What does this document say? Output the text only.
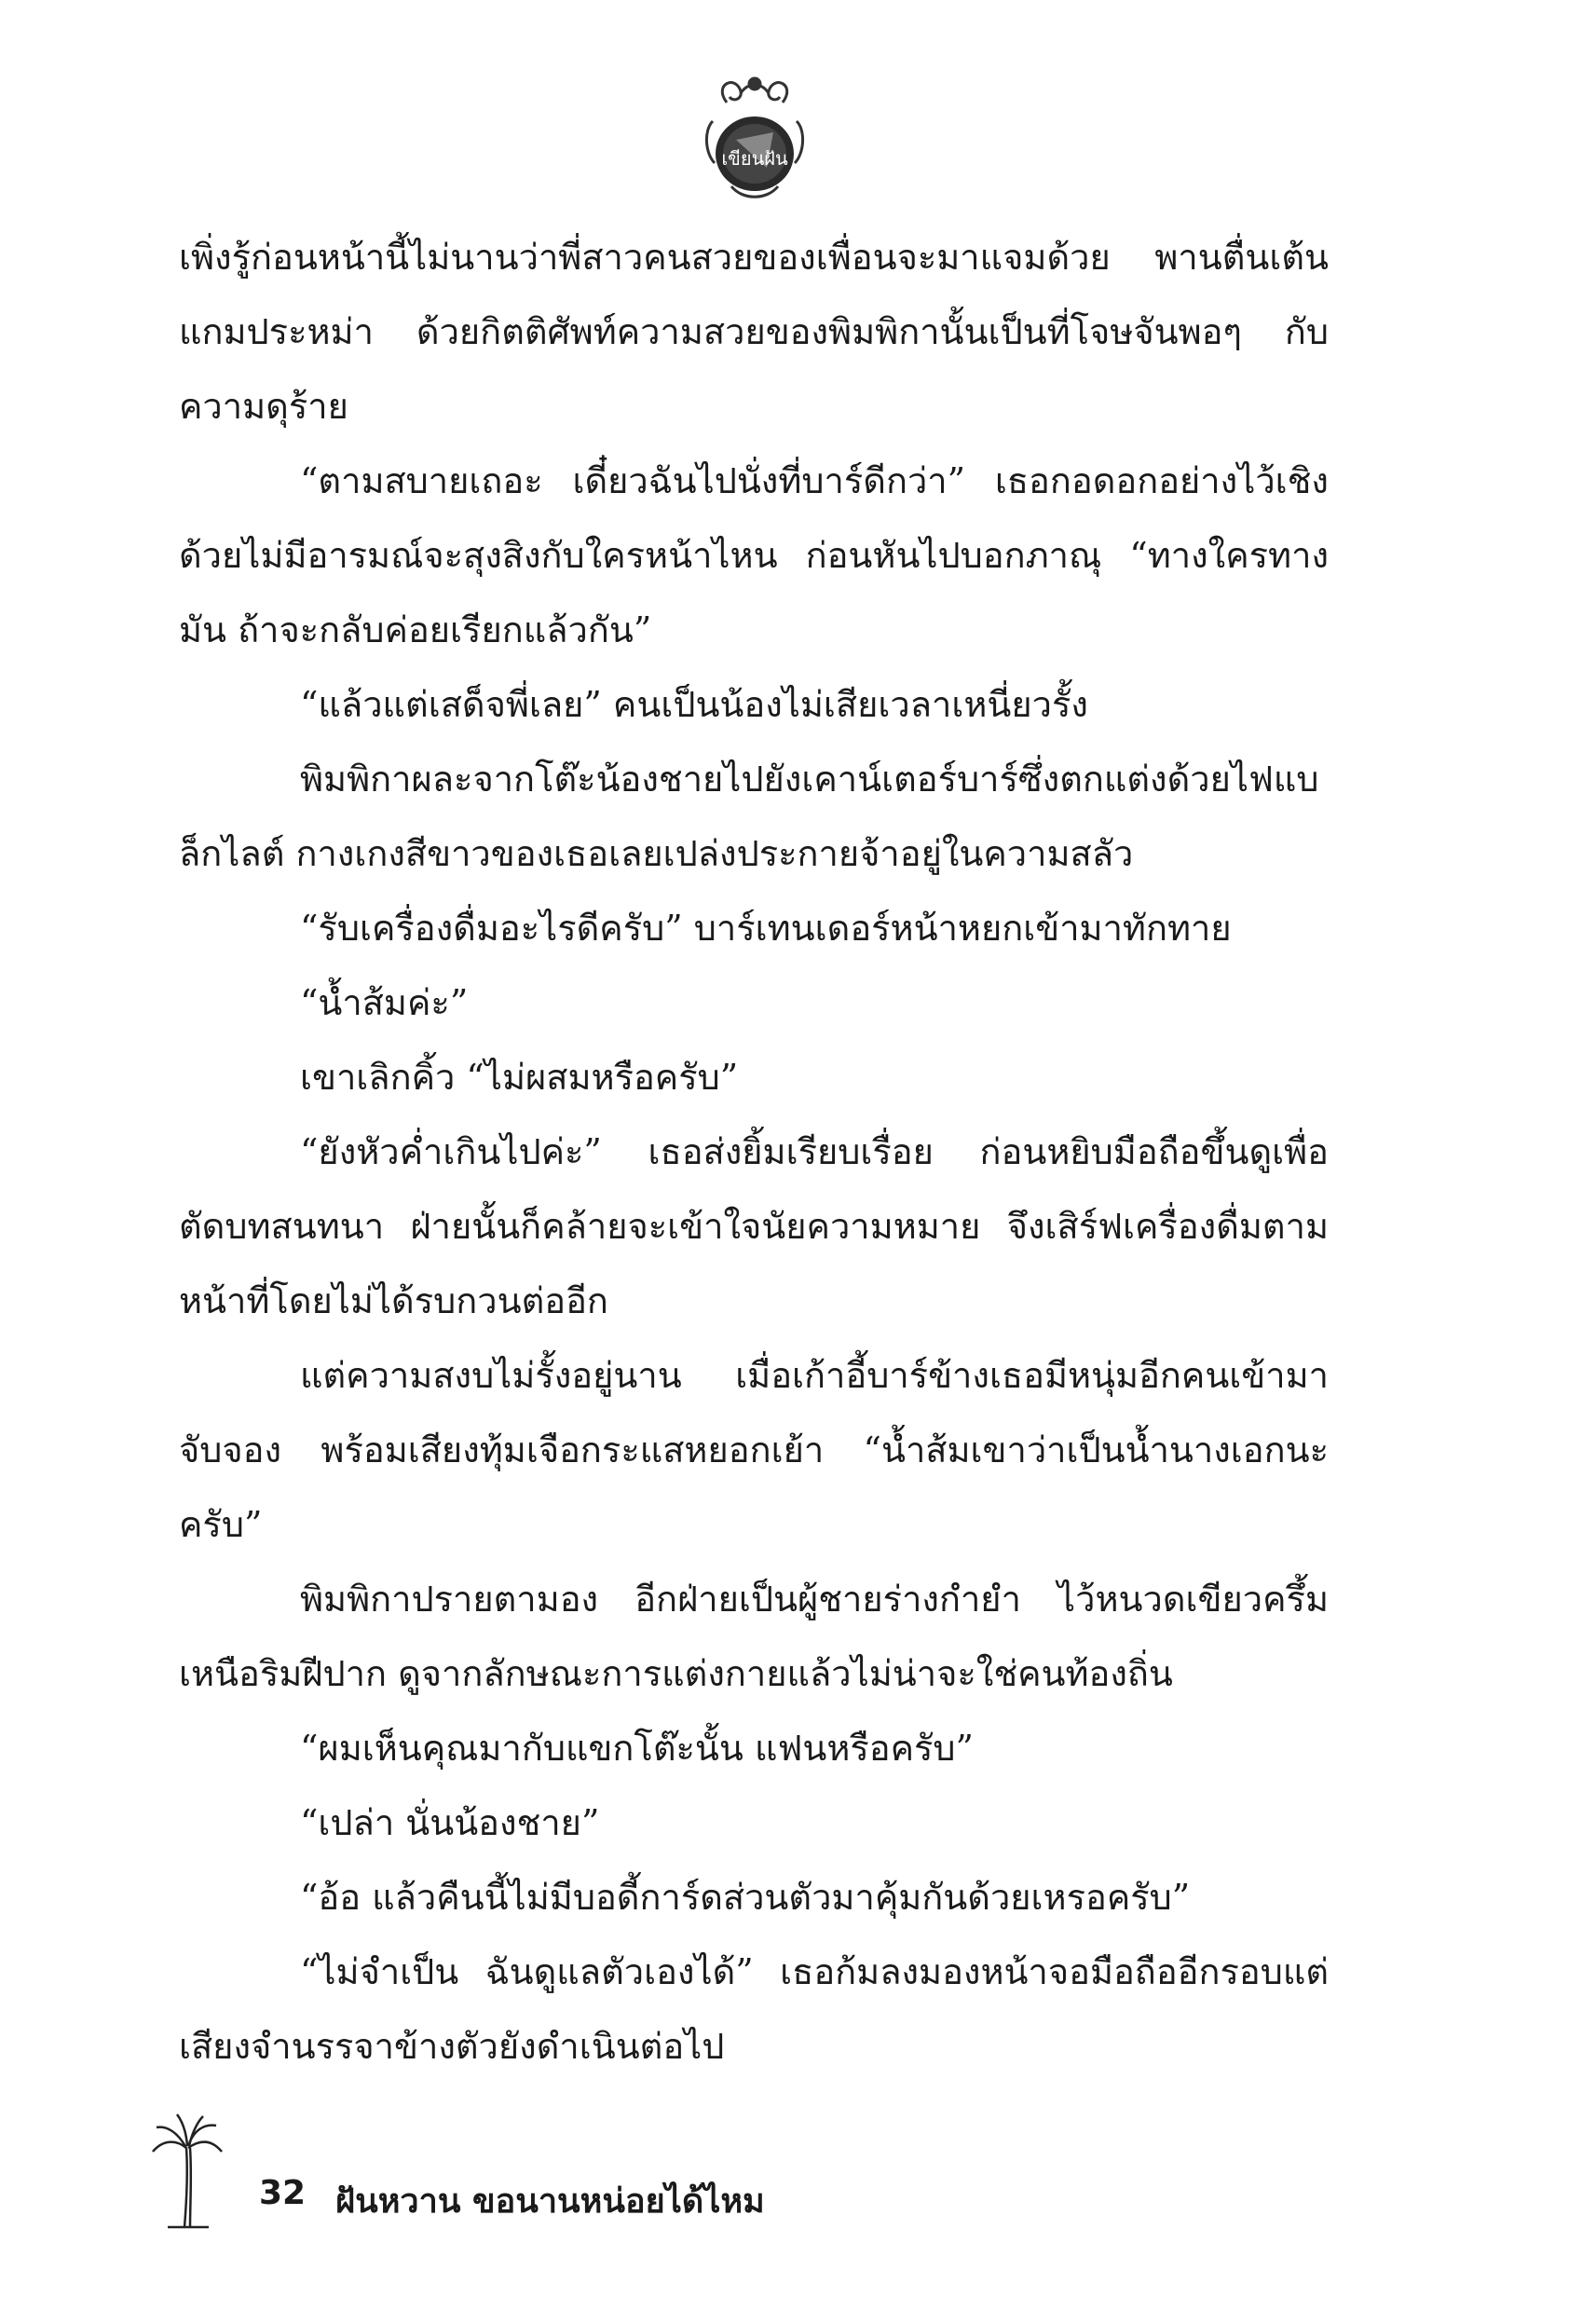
เขียนฝัน

เพิ่งรู้ก่อนหน้านี้ไม่นานว่าพี่สาวคนสวยของเพื่อนจะมาแจมด้วย พานตื่นเต้นแกมประหม่า ด้วยกิตติศัพท์ความสวยของพิมพิกานั้นเป็นที่โจษจันพอๆ กับความดุร้าย

“ตามสบายเถอะ เดี๋ยวฉันไปนั่งที่บาร์ดีกว่า” เธอกอดอกอย่างไว้เชิง ด้วยไม่มีอารมณ์จะสุงสิงกับใครหน้าไหน ก่อนหันไปบอกภาณุ “ทางใครทางมัน ถ้าจะกลับค่อยเรียกแล้วกัน”

“แล้วแต่เสด็จพี่เลย” คนเป็นน้องไม่เสียเวลาเหนี่ยวรั้ง

พิมพิกาผละจากโต๊ะน้องชายไปยังเคาน์เตอร์บาร์ซึ่งตกแต่งด้วยไฟแบล็กไลต์ กางเกงสีขาวของเธอเลยเปล่งประกายจ้าอยู่ในความสลัว

“รับเครื่องดื่มอะไรดีครับ” บาร์เทนเดอร์หน้าหยกเข้ามาทักทาย

“น้ำส้มค่ะ”

เขาเลิกคิ้ว “ไม่ผสมหรือครับ”

“ยังหัวค่ำเกินไปค่ะ” เธอส่งยิ้มเรียบเรื่อย ก่อนหยิบมือถือขึ้นดูเพื่อตัดบทสนทนา ฝ่ายนั้นก็คล้ายจะเข้าใจนัยความหมาย จึงเสิร์ฟเครื่องดื่มตามหน้าที่โดยไม่ได้รบกวนต่ออีก

แต่ความสงบไม่รั้งอยู่นาน เมื่อเก้าอี้บาร์ข้างเธอมีหนุ่มอีกคนเข้ามาจับจอง พร้อมเสียงทุ้มเจือกระแสหยอกเย้า “น้ำส้มเขาว่าเป็นน้ำนางเอกนะครับ”

พิมพิกาปรายตามอง อีกฝ่ายเป็นผู้ชายร่างกำยำ ไว้หนวดเขียวครึ้มเหนือริมฝีปาก ดูจากลักษณะการแต่งกายแล้วไม่น่าจะใช่คนท้องถิ่น

“ผมเห็นคุณมากับแขกโต๊ะนั้น แฟนหรือครับ”

“เปล่า นั่นน้องชาย”

“อ้อ แล้วคืนนี้ไม่มีบอดี้การ์ดส่วนตัวมาคุ้มกันด้วยเหรอครับ”

“ไม่จำเป็น ฉันดูแลตัวเองได้” เธอก้มลงมองหน้าจอมือถืออีกรอบแต่เสียงจำนรรจาข้างตัวยังดำเนินต่อไป

32 ฝันหวาน ขอนานหน่อยได้ไหม
